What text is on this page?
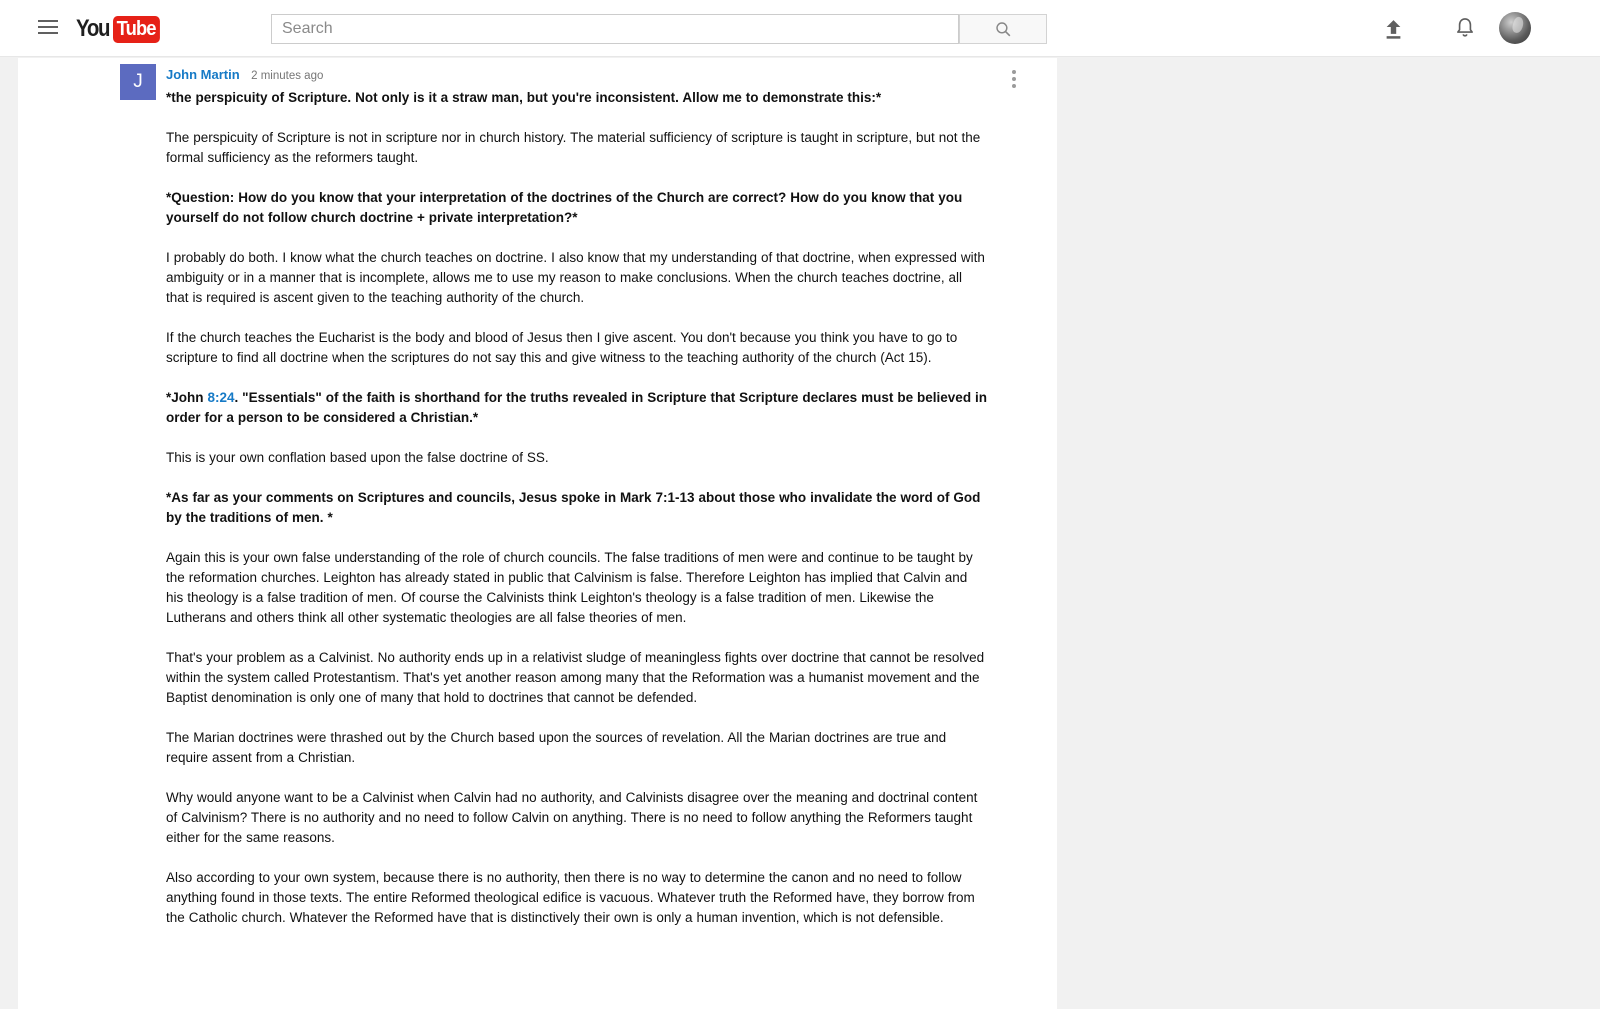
You Tube
Search
J John Martin 2 minutes ago

*the perspicuity of Scripture. Not only is it a straw man, but you're inconsistent. Allow me to demonstrate this:*

The perspicuity of Scripture is not in scripture nor in church history. The material sufficiency of scripture is taught in scripture, but not the formal sufficiency as the reformers taught.

*Question: How do you know that your interpretation of the doctrines of the Church are correct? How do you know that you yourself do not follow church doctrine + private interpretation?*

I probably do both. I know what the church teaches on doctrine. I also know that my understanding of that doctrine, when expressed with ambiguity or in a manner that is incomplete, allows me to use my reason to make conclusions. When the church teaches doctrine, all that is required is ascent given to the teaching authority of the church.

If the church teaches the Eucharist is the body and blood of Jesus then I give ascent. You don't because you think you have to go to scripture to find all doctrine when the scriptures do not say this and give witness to the teaching authority of the church (Act 15).

*John 8:24. "Essentials" of the faith is shorthand for the truths revealed in Scripture that Scripture declares must be believed in order for a person to be considered a Christian.*

This is your own conflation based upon the false doctrine of SS.

*As far as your comments on Scriptures and councils, Jesus spoke in Mark 7:1-13 about those who invalidate the word of God by the traditions of men. *

Again this is your own false understanding of the role of church councils. The false traditions of men were and continue to be taught by the reformation churches. Leighton has already stated in public that Calvinism is false. Therefore Leighton has implied that Calvin and his theology is a false tradition of men. Of course the Calvinists think Leighton's theology is a false tradition of men. Likewise the Lutherans and others think all other systematic theologies are all false theories of men.

That's your problem as a Calvinist. No authority ends up in a relativist sludge of meaningless fights over doctrine that cannot be resolved within the system called Protestantism. That's yet another reason among many that the Reformation was a humanist movement and the Baptist denomination is only one of many that hold to doctrines that cannot be defended.

The Marian doctrines were thrashed out by the Church based upon the sources of revelation. All the Marian doctrines are true and require assent from a Christian.

Why would anyone want to be a Calvinist when Calvin had no authority, and Calvinists disagree over the meaning and doctrinal content of Calvinism? There is no authority and no need to follow Calvin on anything. There is no need to follow anything the Reformers taught either for the same reasons.

Also according to your own system, because there is no authority, then there is no way to determine the canon and no need to follow anything found in those texts. The entire Reformed theological edifice is vacuous. Whatever truth the Reformed have, they borrow from the Catholic church. Whatever the Reformed have that is distinctively their own is only a human invention, which is not defensible.
